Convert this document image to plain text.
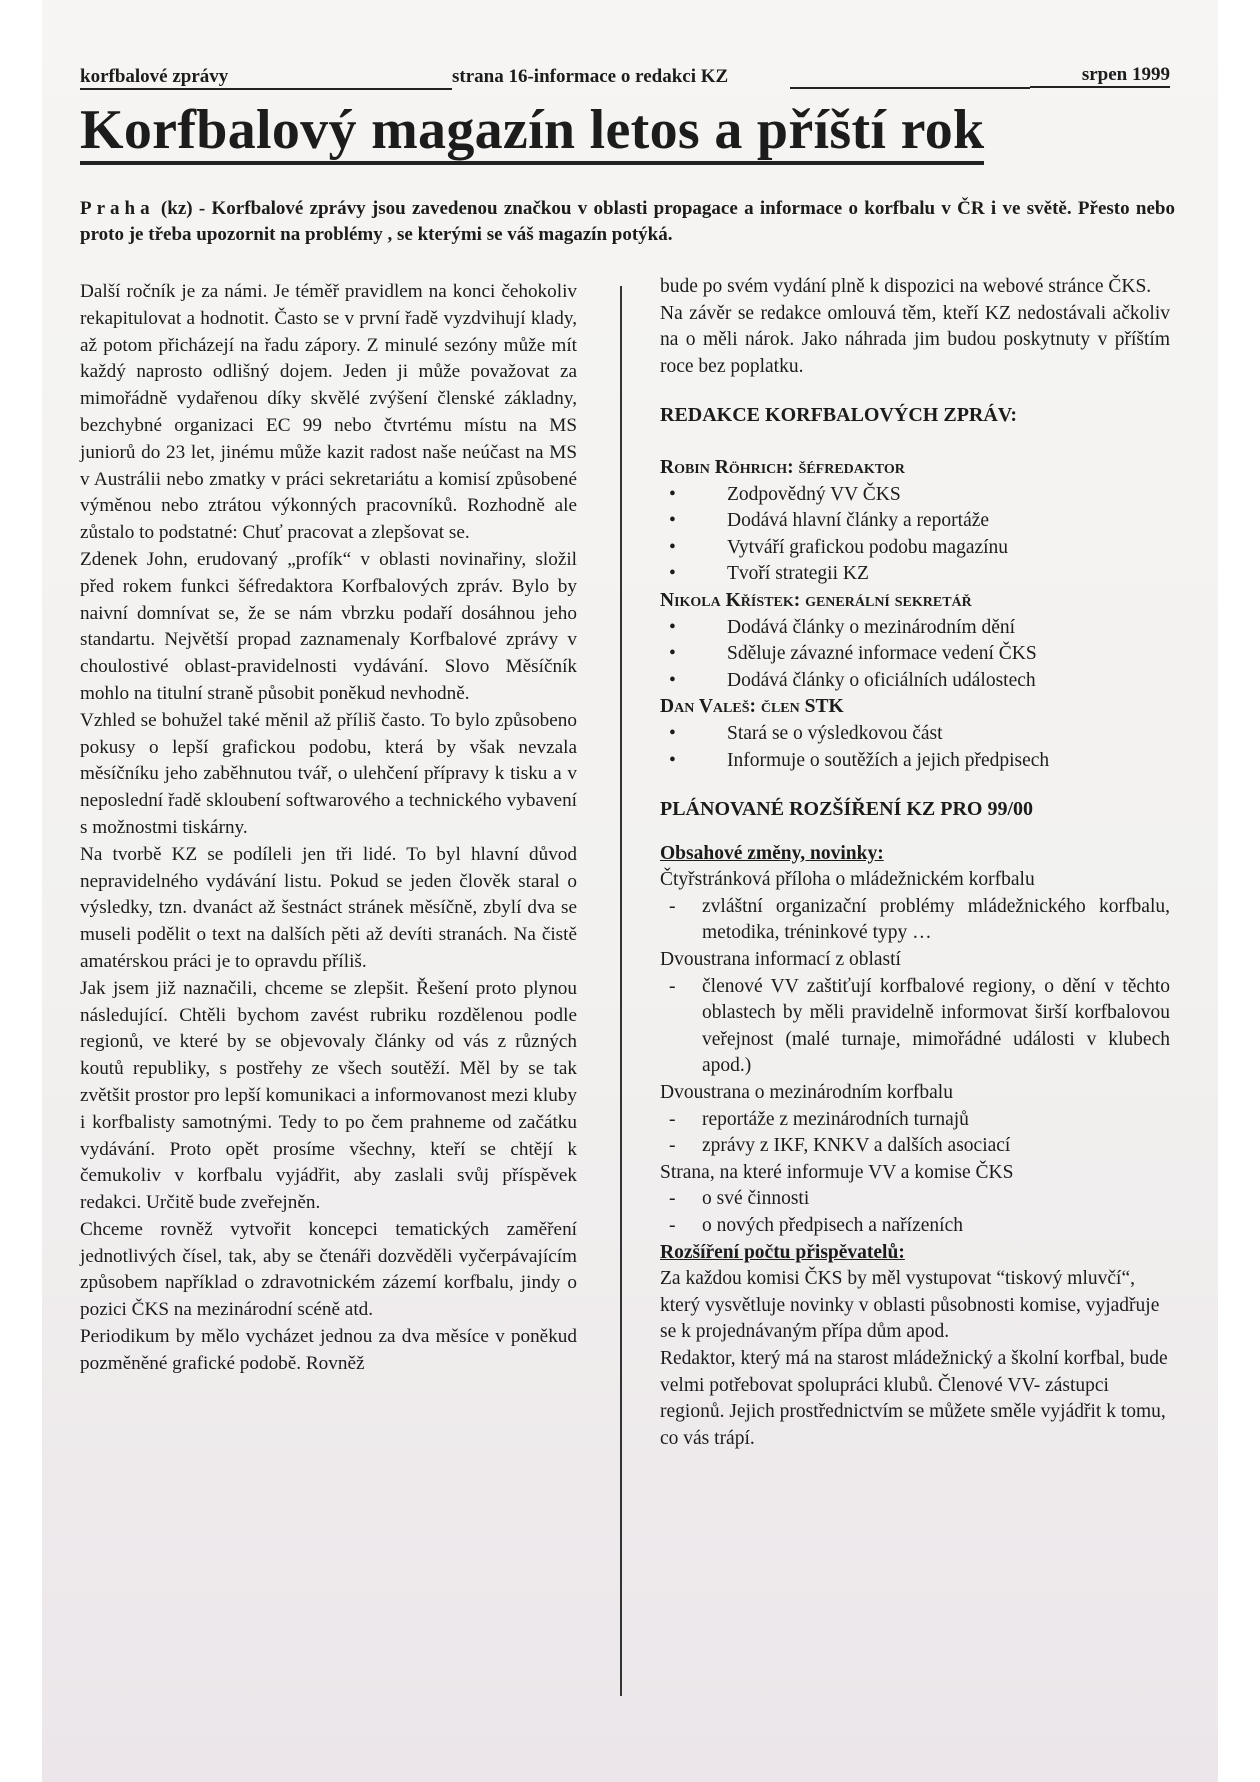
korfbalové zprávy	strana 16-informace o redakci KZ	srpen 1999
Korfbalový magazín letos a příští rok
Praha (kz) - Korfbalové zprávy jsou zavedenou značkou v oblasti propagace a informace o korfbalu v ČR i ve světě. Přesto nebo proto je třeba upozornit na problémy , se kterými se váš magazín potýká.

Další ročník je za námi. Je téměř pravidlem na konci čehokoliv rekapitulovat a hodnotit. Často se v první řadě vyzdvihují klady, až potom přicházejí na řadu zápory. Z minulé sezóny může mít každý naprosto odlišný dojem. Jeden ji může považovat za mimořádně vydařenou díky skvělé zvýšení členské základny, bezchybné organizaci EC 99 nebo čtvrtému místu na MS juniorů do 23 let, jinému může kazit radost naše neúčast na MS v Austrálii nebo zmatky v práci sekretariátu a komisí způsobené výměnou nebo ztrátou výkonných pracovníků. Rozhodně ale zůstalo to podstatné: Chuť pracovat a zlepšovat se.

Zdenek John, erudovaný „profík“ v oblasti novinařiny, složil před rokem funkci šéfredaktora Korfbalových zpráv. Bylo by naivní domnívat se, že se nám vbrzku podaří dosáhnou jeho standartu. Největší propad zaznamenaly Korfbalové zprávy v choulostivé oblast-pravidelnosti vydávání. Slovo Měsíčník mohlo na titulní straně působit poněkud nevhodně.

Vzhled se bohužel také měnil až příliš často. To bylo způsobeno pokusy o lepší grafickou podobu, která by však nevzala měsíčníku jeho zaběhnutou tvář, o ulehčení přípravy k tisku a v neposlední řadě skloubení softwarového a technického vybavení s možnostmi tiskárny.

Na tvorbě KZ se podíleli jen tři lidé. To byl hlavní důvod nepravidelného vydávání listu. Pokud se jeden člověk staral o výsledky, tzn. dvanáct až šestnáct stránek měsíčně, zbylí dva se museli podělit o text na dalších pěti až devíti stranách. Na čistě amatérskou práci je to opravdu příliš.

Jak jsem již naznačili, chceme se zlepšit. Řešení proto plynou následující. Chtěli bychom zavést rubriku rozdělenou podle regionů, ve které by se objevovaly články od vás z různých koutů republiky, s postřehy ze všech soutěží. Měl by se tak zvětšit prostor pro lepší komunikaci a informovanost mezi kluby i korfbalisty samotnými. Tedy to po čem prahneme od začátku vydávání. Proto opět prosíme všechny, kteří se chtějí k čemukoliv v korfbalu vyjádřit, aby zaslali svůj příspěvek redakci. Určitě bude zveřejněn.

Chceme rovněž vytvořit koncepci tematických zaměření jednotlivých čísel, tak, aby se čtenáři dozvěděli vyčerpávajícím způsobem například o zdravotnickém zázemí korfbalu, jindy o pozici ČKS na mezinárodní scéně atd.

Periodikum by mělo vycházet jednou za dva měsíce v poněkud pozměněné grafické podobě. Rovněž

bude po svém vydání plně k dispozici na webové stránce ČKS.

Na závěr se redakce omlouvá těm, kteří KZ nedostávali ačkoliv na o měli nárok. Jako náhrada jim budou poskytnuty v příštím roce bez poplatku.

REDAKCE KORFBALOVÝCH ZPRÁV:
Robin Röhrich: šéfredaktor
• Zodpovědný VV ČKS
• Dodává hlavní články a reportáže
• Vytváří grafickou podobu magazínu
• Tvoří strategii KZ
Nikola Křístek: generální sekretář
• Dodává články o mezinárodním dění
• Sděluje závazné informace vedení ČKS
• Dodává články o oficiálních událostech
Dan Valeš: člen STK
• Stará se o výsledkovou část
• Informuje o soutěžích a jejich předpisech
PLÁNOVANÉ ROZŠÍŘENÍ KZ PRO 99/00
Obsahové změny, novinky:
Čtyřstránková příloha o mládežnickém korfbalu
- zvláštní organizační problémy mládežnického korfbalu, metodika, tréninkové typy …
Dvoustrana informací z oblastí
- členové VV zaštiťují korfbalové regiony, o dění v těchto oblastech by měli pravidelně informovat širší korfbalovou veřejnost (malé turnaje, mimořádné události v klubech apod.)
Dvoustrana o mezinárodním korfbalu
- reportáže z mezinárodních turnajů
- zprávy z IKF, KNKV a dalších asociací
Strana, na které informuje VV a komise ČKS
- o své činnosti
- o nových předpisech a nařízeních
Rozšíření počtu přispěvatelů:

Za každou komisi ČKS by měl vystupovat “tiskový mluvčí“, který vysvětluje novinky v oblasti působnosti komise, vyjadřuje se k projednávaným přípa dům apod.

Redaktor, který má na starost mládežnický a školní korfbal, bude velmi potřebovat spolupráci klubů. Členové VV- zástupci regionů. Jejich prostřednictvím se můžete směle vyjádřit k tomu, co vás trápí.
